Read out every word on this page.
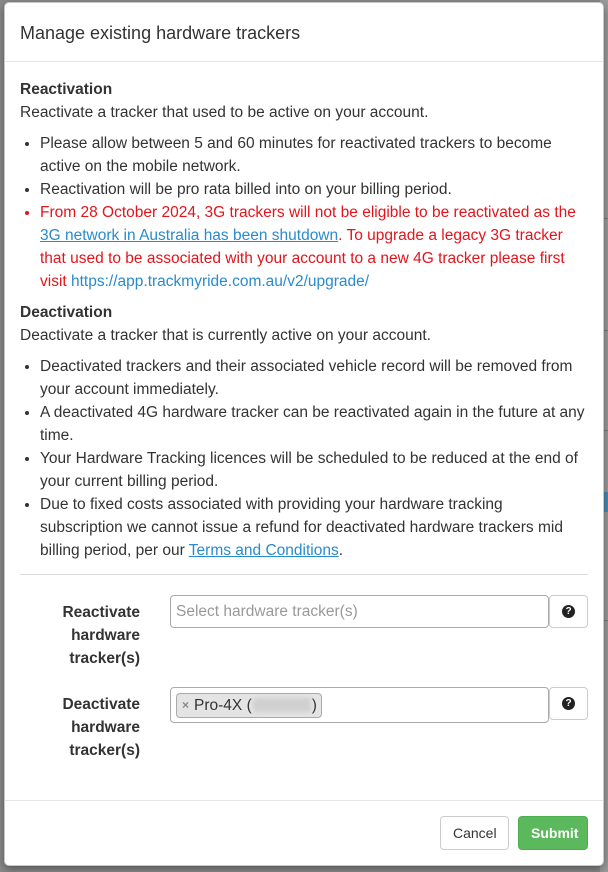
Manage existing hardware trackers

Reactivation

Reactivate a tracker that used to be active on your account.

• Please allow between 5 and 60 minutes for reactivated trackers to become active on the mobile network.
• Reactivation will be pro rata billed into on your billing period.
• From 28 October 2024, 3G trackers will not be eligible to be reactivated as the 3G network in Australia has been shutdown. To upgrade a legacy 3G tracker that used to be associated with your account to a new 4G tracker please first visit https://app.trackmyride.com.au/v2/upgrade/

Deactivation

Deactivate a tracker that is currently active on your account.

• Deactivated trackers and their associated vehicle record will be removed from your account immediately.
• A deactivated 4G hardware tracker can be reactivated again in the future at any time.
• Your Hardware Tracking licences will be scheduled to be reduced at the end of your current billing period.
• Due to fixed costs associated with providing your hardware tracking subscription we cannot issue a refund for deactivated hardware trackers mid billing period, per our Terms and Conditions.
Reactivate
hardware
tracker(s)
Select hardware tracker(s)	?
Deactivate
hardware
tracker(s)
× Pro-4X (	)	?
Cancel	Submit
